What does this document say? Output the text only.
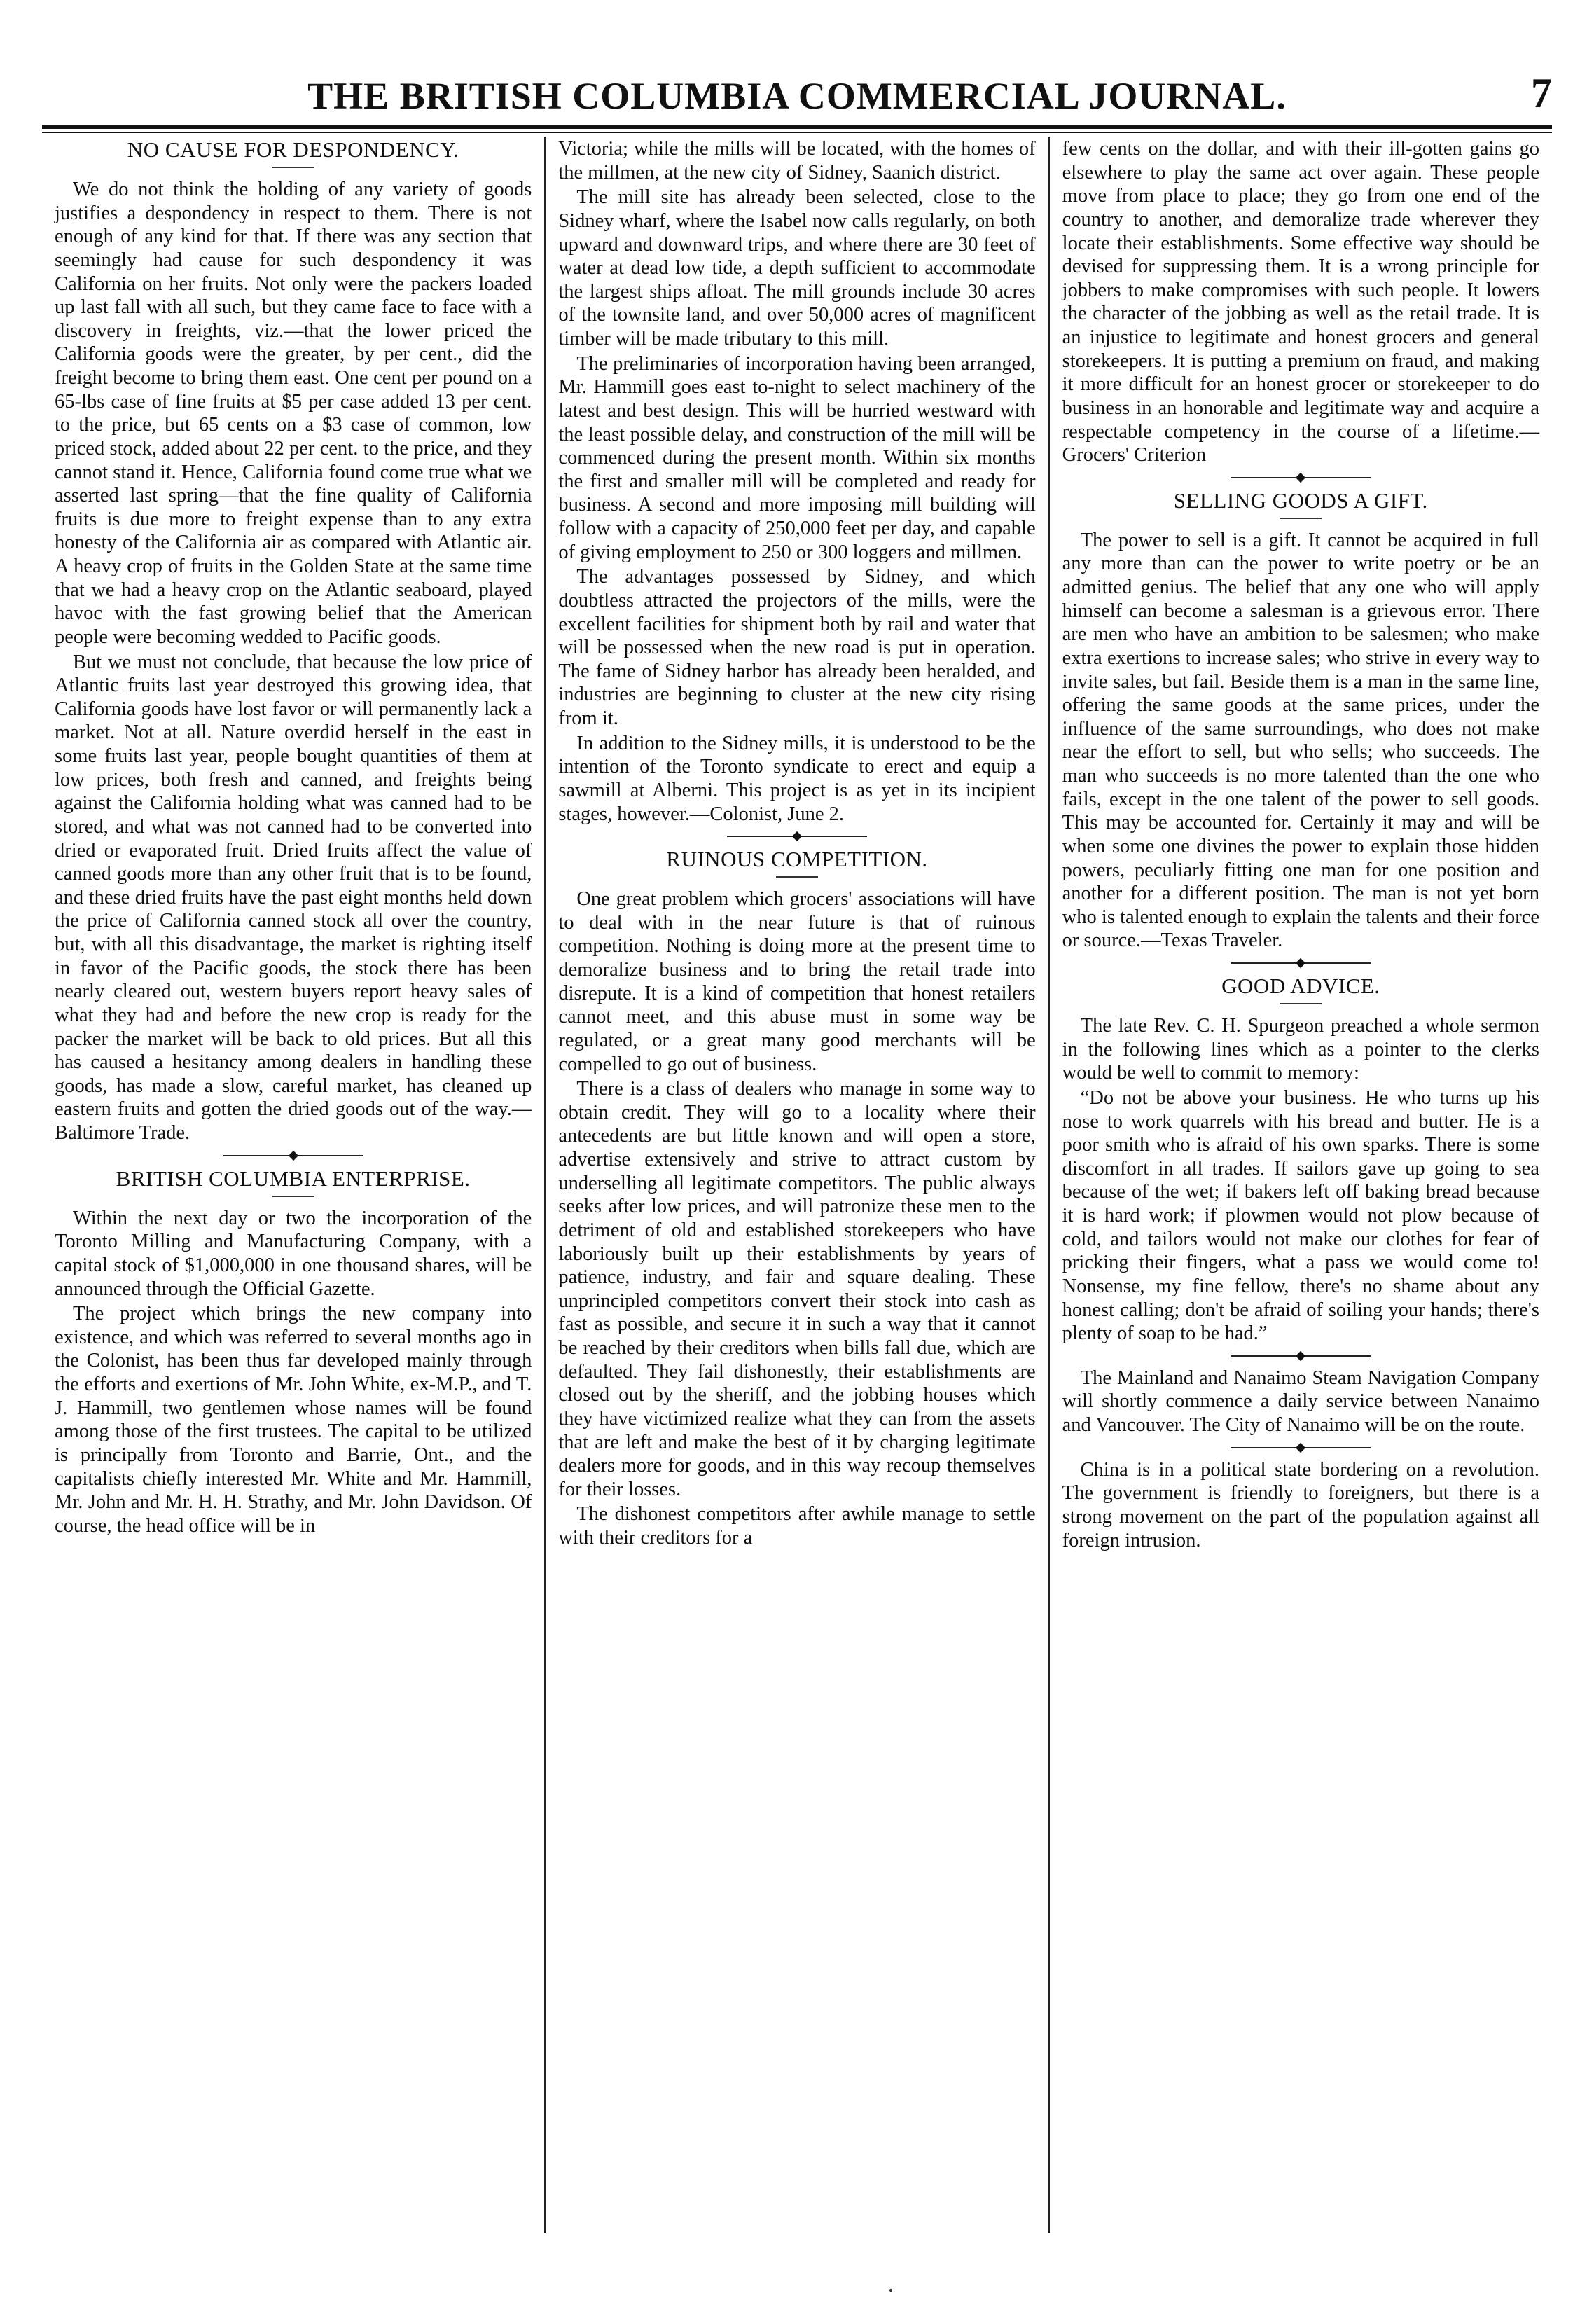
THE BRITISH COLUMBIA COMMERCIAL JOURNAL.	7
NO CAUSE FOR DESPONDENCY.

We do not think the holding of any variety of goods justifies a despondency in respect to them. There is not enough of any kind for that. If there was any section that seemingly had cause for such despondency it was California on her fruits. Not only were the packers loaded up last fall with all such, but they came face to face with a discovery in freights, viz.—that the lower priced the California goods were the greater, by per cent., did the freight become to bring them east. One cent per pound on a 65-lbs case of fine fruits at $5 per case added 13 per cent. to the price, but 65 cents on a $3 case of common, low priced stock, added about 22 per cent. to the price, and they cannot stand it. Hence, California found come true what we asserted last spring—that the fine quality of California fruits is due more to freight expense than to any extra honesty of the California air as compared with Atlantic air. A heavy crop of fruits in the Golden State at the same time that we had a heavy crop on the Atlantic seaboard, played havoc with the fast growing belief that the American people were becoming wedded to Pacific goods.

But we must not conclude, that because the low price of Atlantic fruits last year destroyed this growing idea, that California goods have lost favor or will permanently lack a market. Not at all. Nature overdid herself in the east in some fruits last year, people bought quantities of them at low prices, both fresh and canned, and freights being against the California holding what was canned had to be stored, and what was not canned had to be converted into dried or evaporated fruit. Dried fruits affect the value of canned goods more than any other fruit that is to be found, and these dried fruits have the past eight months held down the price of California canned stock all over the country, but, with all this disadvantage, the market is righting itself in favor of the Pacific goods, the stock there has been nearly cleared out, western buyers report heavy sales of what they had and before the new crop is ready for the packer the market will be back to old prices. But all this has caused a hesitancy among dealers in handling these goods, has made a slow, careful market, has cleaned up eastern fruits and gotten the dried goods out of the way.—Baltimore Trade.

BRITISH COLUMBIA ENTERPRISE.

Within the next day or two the incorporation of the Toronto Milling and Manufacturing Company, with a capital stock of $1,000,000 in one thousand shares, will be announced through the Official Gazette.

The project which brings the new company into existence, and which was referred to several months ago in the Colonist, has been thus far developed mainly through the efforts and exertions of Mr. John White, ex-M.P., and T. J. Hammill, two gentlemen whose names will be found among those of the first trustees. The capital to be utilized is principally from Toronto and Barrie, Ont., and the capitalists chiefly interested Mr. White and Mr. Hammill, Mr. John and Mr. H. H. Strathy, and Mr. John Davidson. Of course, the head office will be in

Victoria; while the mills will be located, with the homes of the millmen, at the new city of Sidney, Saanich district.

The mill site has already been selected, close to the Sidney wharf, where the Isabel now calls regularly, on both upward and downward trips, and where there are 30 feet of water at dead low tide, a depth sufficient to accommodate the largest ships afloat. The mill grounds include 30 acres of the townsite land, and over 50,000 acres of magnificent timber will be made tributary to this mill.

The preliminaries of incorporation having been arranged, Mr. Hammill goes east to-night to select machinery of the latest and best design. This will be hurried westward with the least possible delay, and construction of the mill will be commenced during the present month. Within six months the first and smaller mill will be completed and ready for business. A second and more imposing mill building will follow with a capacity of 250,000 feet per day, and capable of giving employment to 250 or 300 loggers and millmen.

The advantages possessed by Sidney, and which doubtless attracted the projectors of the mills, were the excellent facilities for shipment both by rail and water that will be possessed when the new road is put in operation. The fame of Sidney harbor has already been heralded, and industries are beginning to cluster at the new city rising from it.

In addition to the Sidney mills, it is understood to be the intention of the Toronto syndicate to erect and equip a sawmill at Alberni. This project is as yet in its incipient stages, however.—Colonist, June 2.

RUINOUS COMPETITION.

One great problem which grocers' associations will have to deal with in the near future is that of ruinous competition. Nothing is doing more at the present time to demoralize business and to bring the retail trade into disrepute. It is a kind of competition that honest retailers cannot meet, and this abuse must in some way be regulated, or a great many good merchants will be compelled to go out of business.

There is a class of dealers who manage in some way to obtain credit. They will go to a locality where their antecedents are but little known and will open a store, advertise extensively and strive to attract custom by underselling all legitimate competitors. The public always seeks after low prices, and will patronize these men to the detriment of old and established storekeepers who have laboriously built up their establishments by years of patience, industry, and fair and square dealing. These unprincipled competitors convert their stock into cash as fast as possible, and secure it in such a way that it cannot be reached by their creditors when bills fall due, which are defaulted. They fail dishonestly, their establishments are closed out by the sheriff, and the jobbing houses which they have victimized realize what they can from the assets that are left and make the best of it by charging legitimate dealers more for goods, and in this way recoup themselves for their losses.

The dishonest competitors after awhile manage to settle with their creditors for a

few cents on the dollar, and with their ill-gotten gains go elsewhere to play the same act over again. These people move from place to place; they go from one end of the country to another, and demoralize trade wherever they locate their establishments. Some effective way should be devised for suppressing them. It is a wrong principle for jobbers to make compromises with such people. It lowers the character of the jobbing as well as the retail trade. It is an injustice to legitimate and honest grocers and general storekeepers. It is putting a premium on fraud, and making it more difficult for an honest grocer or storekeeper to do business in an honorable and legitimate way and acquire a respectable competency in the course of a lifetime.—Grocers' Criterion

SELLING GOODS A GIFT.

The power to sell is a gift. It cannot be acquired in full any more than can the power to write poetry or be an admitted genius. The belief that any one who will apply himself can become a salesman is a grievous error. There are men who have an ambition to be salesmen; who make extra exertions to increase sales; who strive in every way to invite sales, but fail. Beside them is a man in the same line, offering the same goods at the same prices, under the influence of the same surroundings, who does not make near the effort to sell, but who sells; who succeeds. The man who succeeds is no more talented than the one who fails, except in the one talent of the power to sell goods. This may be accounted for. Certainly it may and will be when some one divines the power to explain those hidden powers, peculiarly fitting one man for one position and another for a different position. The man is not yet born who is talented enough to explain the talents and their force or source.—Texas Traveler.

GOOD ADVICE.

The late Rev. C. H. Spurgeon preached a whole sermon in the following lines which as a pointer to the clerks would be well to commit to memory:

“Do not be above your business. He who turns up his nose to work quarrels with his bread and butter. He is a poor smith who is afraid of his own sparks. There is some discomfort in all trades. If sailors gave up going to sea because of the wet; if bakers left off baking bread because it is hard work; if plowmen would not plow because of cold, and tailors would not make our clothes for fear of pricking their fingers, what a pass we would come to! Nonsense, my fine fellow, there's no shame about any honest calling; don't be afraid of soiling your hands; there's plenty of soap to be had.”

The Mainland and Nanaimo Steam Navigation Company will shortly commence a daily service between Nanaimo and Vancouver. The City of Nanaimo will be on the route.

China is in a political state bordering on a revolution. The government is friendly to foreigners, but there is a strong movement on the part of the population against all foreign intrusion.
